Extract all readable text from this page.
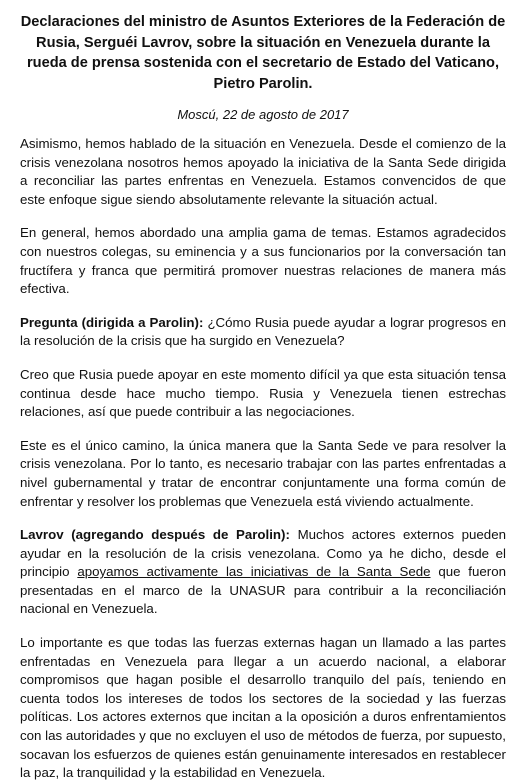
Declaraciones del ministro de Asuntos Exteriores de la Federación de Rusia, Serguéi Lavrov, sobre la situación en Venezuela durante la rueda de prensa sostenida con el secretario de Estado del Vaticano, Pietro Parolin.

Moscú, 22 de agosto de 2017

Asimismo, hemos hablado de la situación en Venezuela. Desde el comienzo de la crisis venezolana nosotros hemos apoyado la iniciativa de la Santa Sede dirigida a reconciliar las partes enfrentas en Venezuela. Estamos convencidos de que este enfoque sigue siendo absolutamente relevante la situación actual.

En general, hemos abordado una amplia gama de temas. Estamos agradecidos con nuestros colegas, su eminencia y a sus funcionarios por la conversación tan fructífera y franca que permitirá promover nuestras relaciones de manera más efectiva.

Pregunta (dirigida a Parolin): ¿Cómo Rusia puede ayudar a lograr progresos en la resolución de la crisis que ha surgido en Venezuela?

Creo que Rusia puede apoyar en este momento difícil ya que esta situación tensa continua desde hace mucho tiempo. Rusia y Venezuela tienen estrechas relaciones, así que puede contribuir a las negociaciones.

Este es el único camino, la única manera que la Santa Sede ve para resolver la crisis venezolana. Por lo tanto, es necesario trabajar con las partes enfrentadas a nivel gubernamental y tratar de encontrar conjuntamente una forma común de enfrentar y resolver los problemas que Venezuela está viviendo actualmente.

Lavrov (agregando después de Parolin): Muchos actores externos pueden ayudar en la resolución de la crisis venezolana. Como ya he dicho, desde el principio apoyamos activamente las iniciativas de la Santa Sede que fueron presentadas en el marco de la UNASUR para contribuir a la reconciliación nacional en Venezuela.

Lo importante es que todas las fuerzas externas hagan un llamado a las partes enfrentadas en Venezuela para llegar a un acuerdo nacional, a elaborar compromisos que hagan posible el desarrollo tranquilo del país, teniendo en cuenta todos los intereses de todos los sectores de la sociedad y las fuerzas políticas. Los actores externos que incitan a la oposición a duros enfrentamientos con las autoridades y que no excluyen el uso de métodos de fuerza, por supuesto, socavan los esfuerzos de quienes están genuinamente interesados en restablecer la paz, la tranquilidad y la estabilidad en Venezuela.
